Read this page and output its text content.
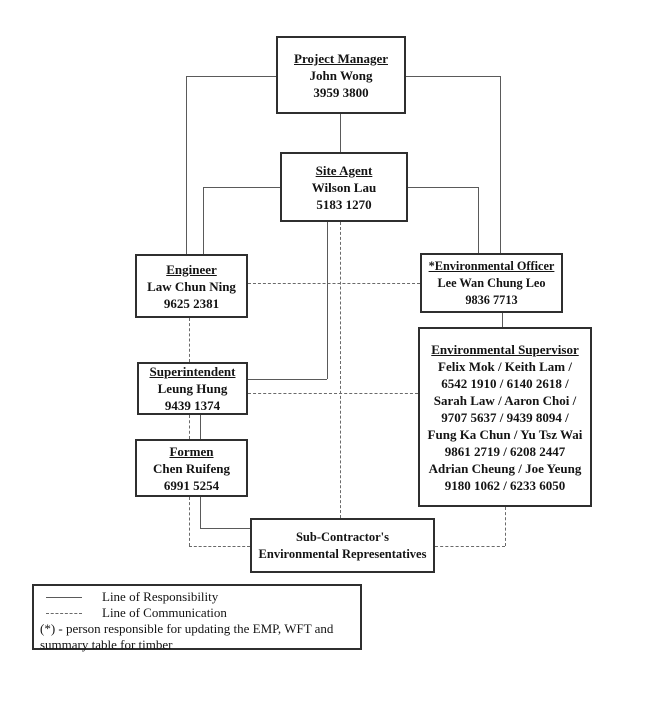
Project Manager
John Wong
3959 3800
Site Agent
Wilson Lau
5183 1270
Engineer
Law Chun Ning
9625 2381
*Environmental Officer
Lee Wan Chung Leo
9836 7713
Superintendent
Leung Hung
9439 1374
Formen
Chen Ruifeng
6991 5254
Environmental Supervisor
Felix Mok / Keith Lam /
6542 1910 / 6140 2618 /
Sarah Law / Aaron Choi /
9707 5637 / 9439 8094 /
Fung Ka Chun / Yu Tsz Wai
9861 2719 / 6208 2447
Adrian Cheung / Joe Yeung
9180 1062 / 6233 6050
Sub-Contractor's
Environmental Representatives
Line of Responsibility
Line of Communication
(*) - person responsible for updating the EMP, WFT and summary table for timber
